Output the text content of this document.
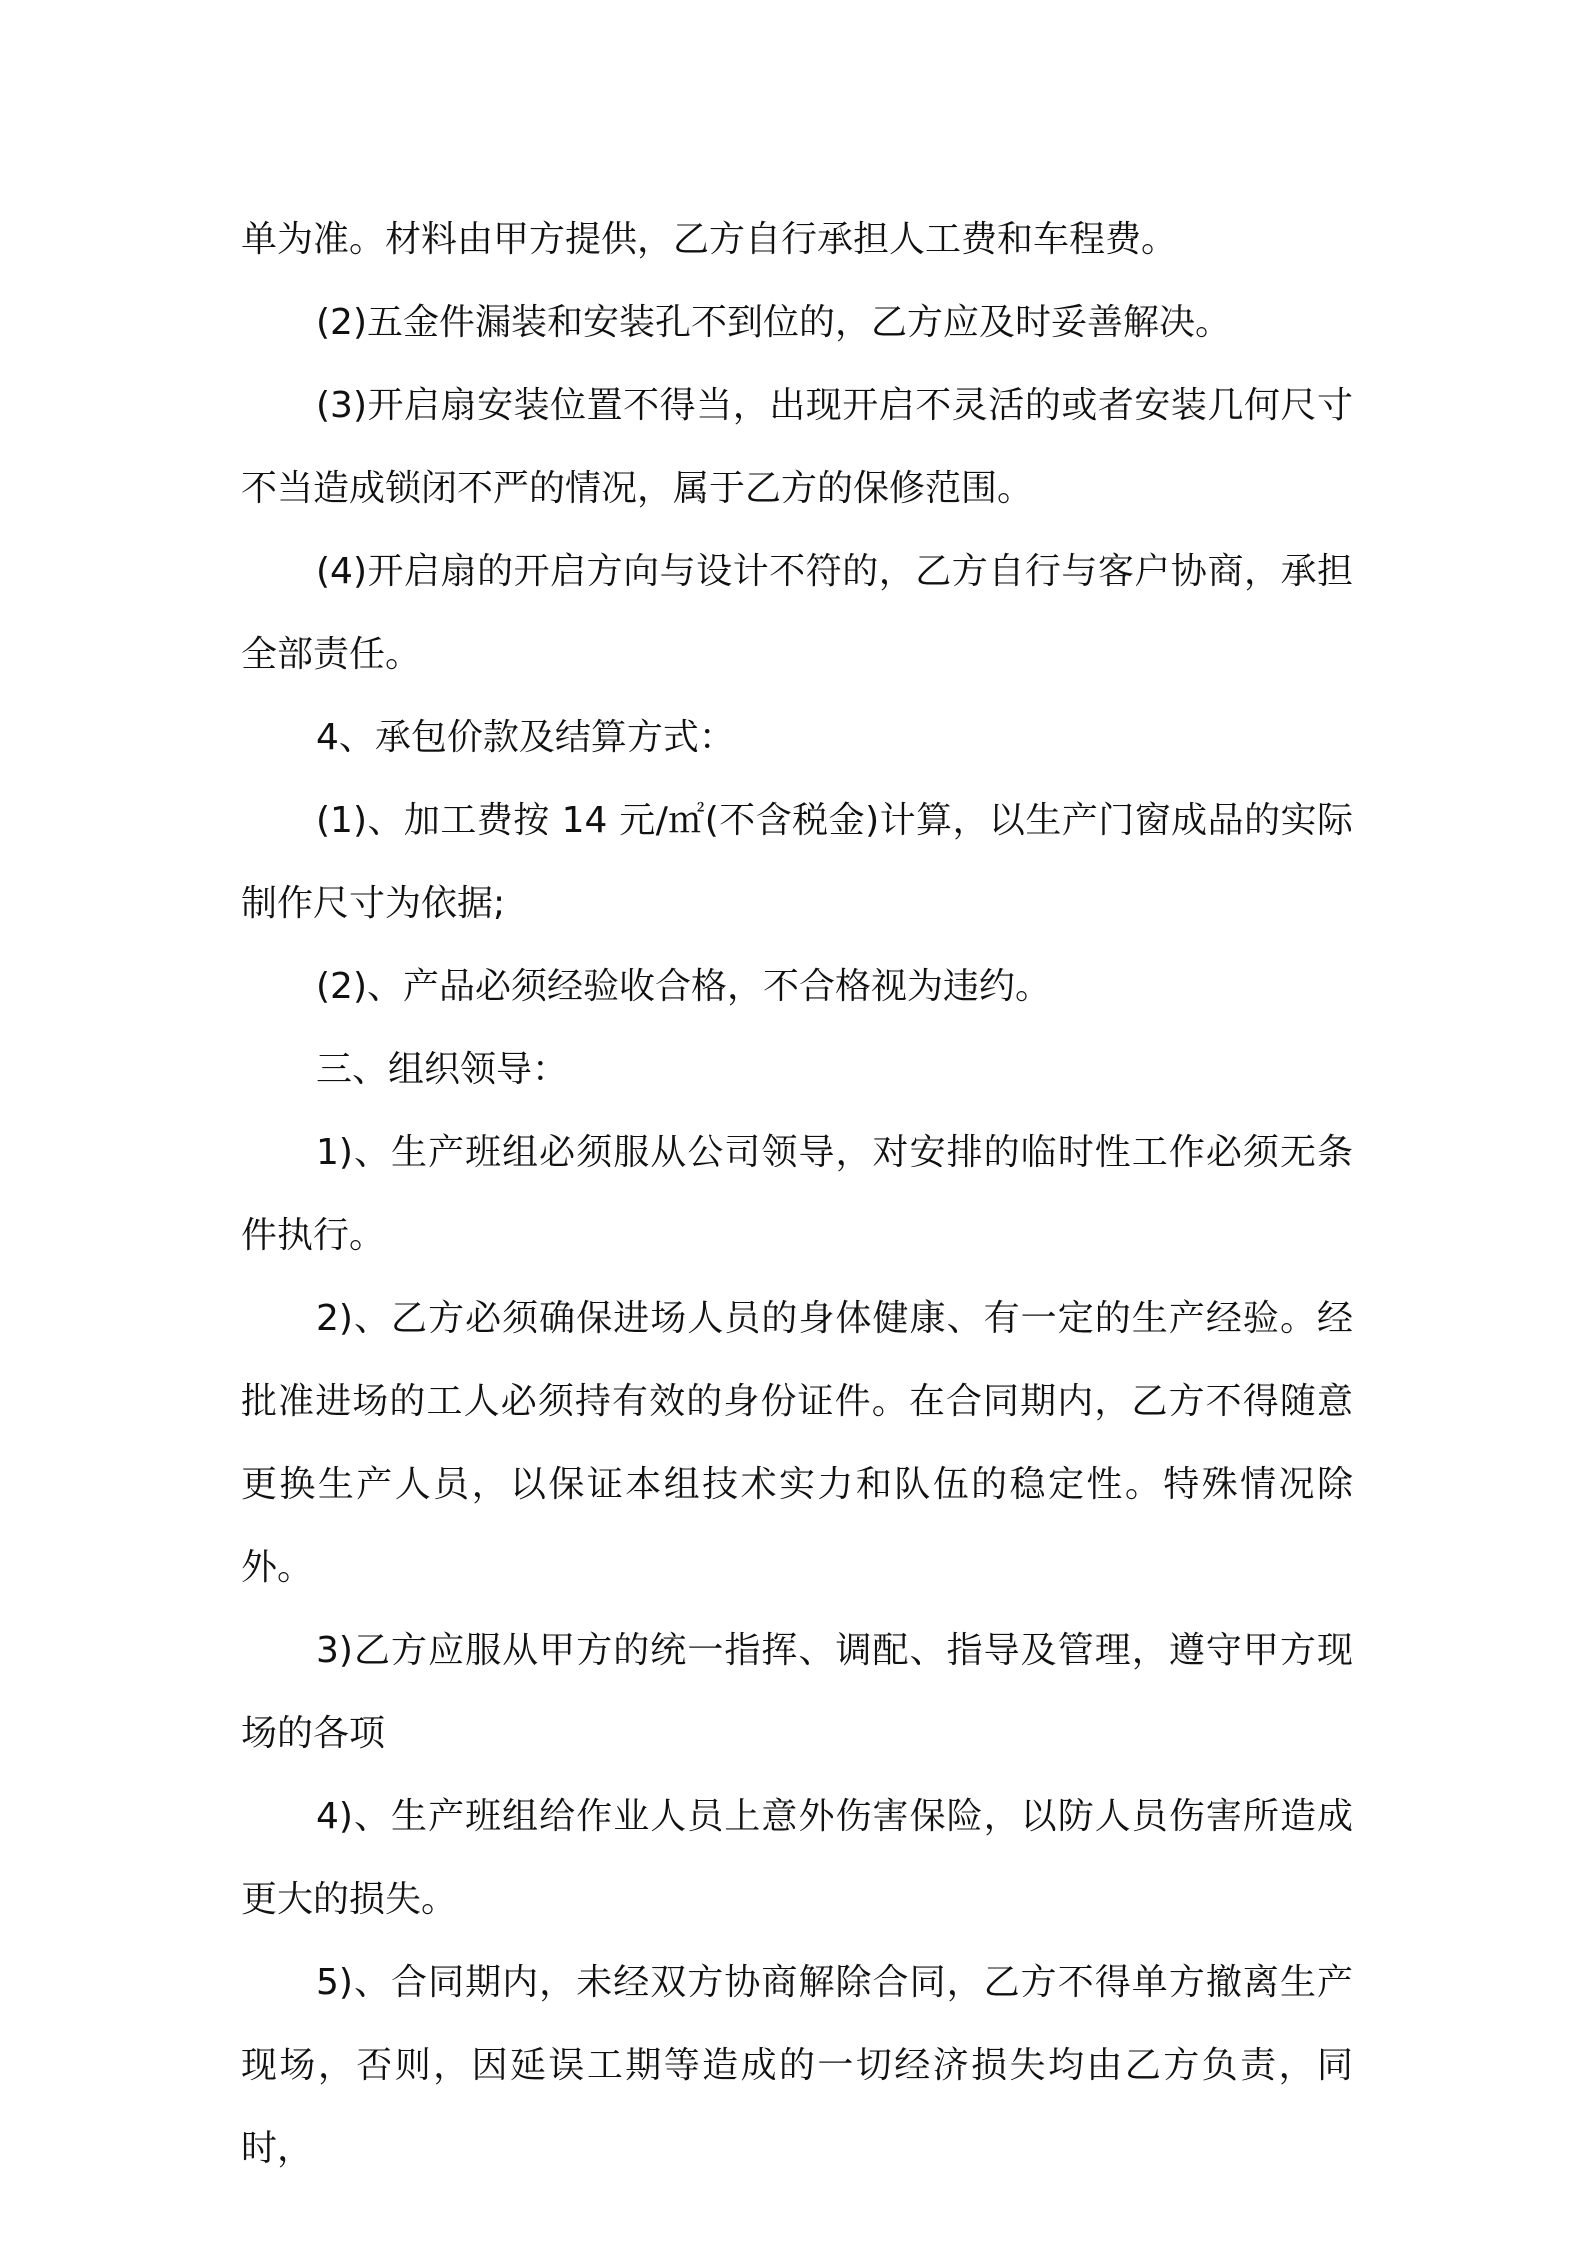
单为准。材料由甲方提供，乙方自行承担人工费和车程费。

(2)五金件漏装和安装孔不到位的，乙方应及时妥善解决。

(3)开启扇安装位置不得当，出现开启不灵活的或者安装几何尺寸不当造成锁闭不严的情况，属于乙方的保修范围。

(4)开启扇的开启方向与设计不符的，乙方自行与客户协商，承担全部责任。

4、承包价款及结算方式：

(1)、加工费按 14 元/㎡(不含税金)计算，以生产门窗成品的实际制作尺寸为依据;

(2)、产品必须经验收合格，不合格视为违约。

三、组织领导：

1)、生产班组必须服从公司领导，对安排的临时性工作必须无条件执行。

2)、乙方必须确保进场人员的身体健康、有一定的生产经验。经批准进场的工人必须持有效的身份证件。在合同期内，乙方不得随意更换生产人员，以保证本组技术实力和队伍的稳定性。特殊情况除外。

3)乙方应服从甲方的统一指挥、调配、指导及管理，遵守甲方现场的各项

4)、生产班组给作业人员上意外伤害保险，以防人员伤害所造成更大的损失。

5)、合同期内，未经双方协商解除合同，乙方不得单方撤离生产现场，否则，因延误工期等造成的一切经济损失均由乙方负责，同时，
